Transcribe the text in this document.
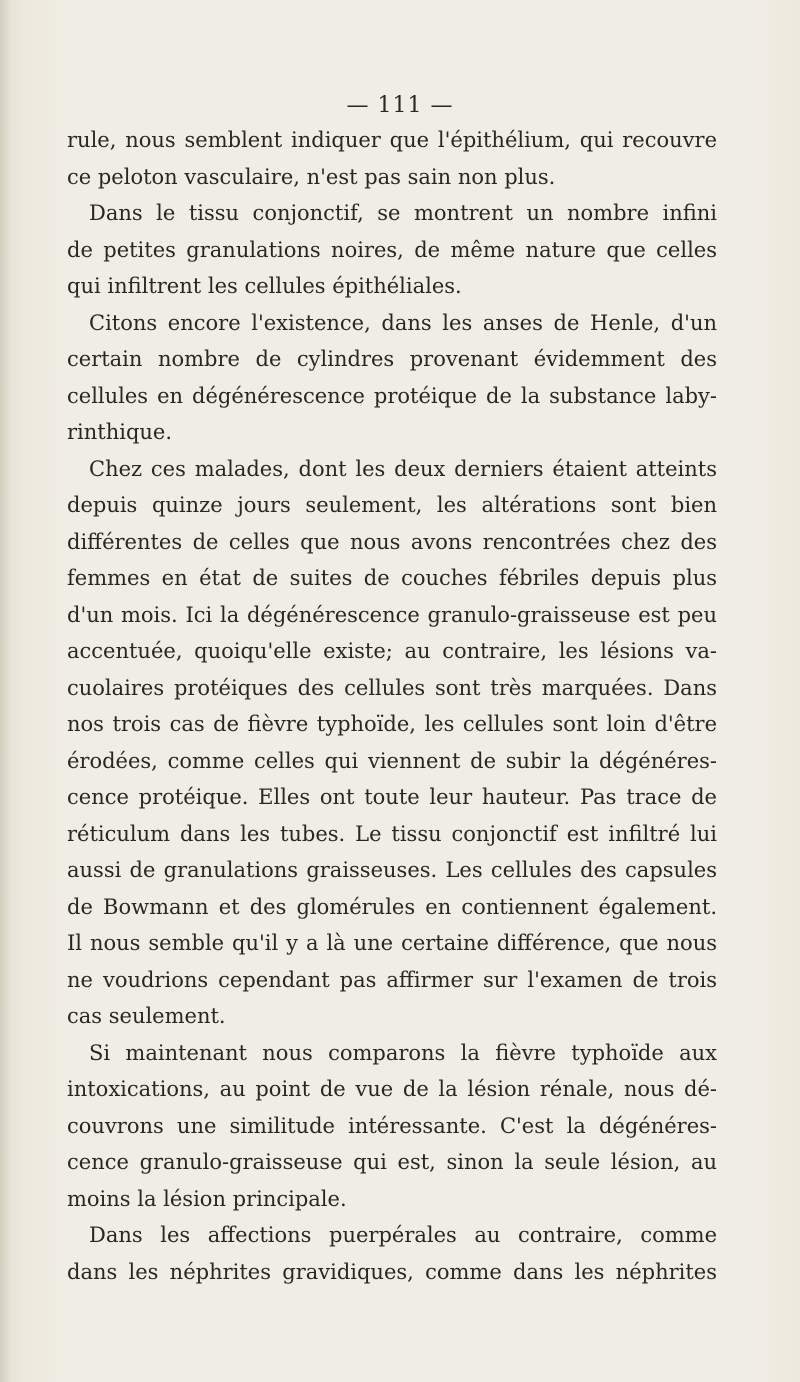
— 111 —
rule, nous semblent indiquer que l'épithélium, qui recouvre
ce peloton vasculaire, n'est pas sain non plus.
Dans le tissu conjonctif, se montrent un nombre infini
de petites granulations noires, de même nature que celles
qui infiltrent les cellules épithéliales.
Citons encore l'existence, dans les anses de Henle, d'un
certain nombre de cylindres provenant évidemment des
cellules en dégénérescence protéique de la substance laby-
rinthique.
Chez ces malades, dont les deux derniers étaient atteints
depuis quinze jours seulement, les altérations sont bien
différentes de celles que nous avons rencontrées chez des
femmes en état de suites de couches fébriles depuis plus
d'un mois. Ici la dégénérescence granulo-graisseuse est peu
accentuée, quoiqu'elle existe; au contraire, les lésions va-
cuolaires protéiques des cellules sont très marquées. Dans
nos trois cas de fièvre typhoïde, les cellules sont loin d'être
érodées, comme celles qui viennent de subir la dégénéres-
cence protéique. Elles ont toute leur hauteur. Pas trace de
réticulum dans les tubes. Le tissu conjonctif est infiltré lui
aussi de granulations graisseuses. Les cellules des capsules
de Bowmann et des glomérules en contiennent également.
Il nous semble qu'il y a là une certaine différence, que nous
ne voudrions cependant pas affirmer sur l'examen de trois
cas seulement.
Si maintenant nous comparons la fièvre typhoïde aux
intoxications, au point de vue de la lésion rénale, nous dé-
couvrons une similitude intéressante. C'est la dégénéres-
cence granulo-graisseuse qui est, sinon la seule lésion, au
moins la lésion principale.
Dans les affections puerpérales au contraire, comme
dans les néphrites gravidiques, comme dans les néphrites
